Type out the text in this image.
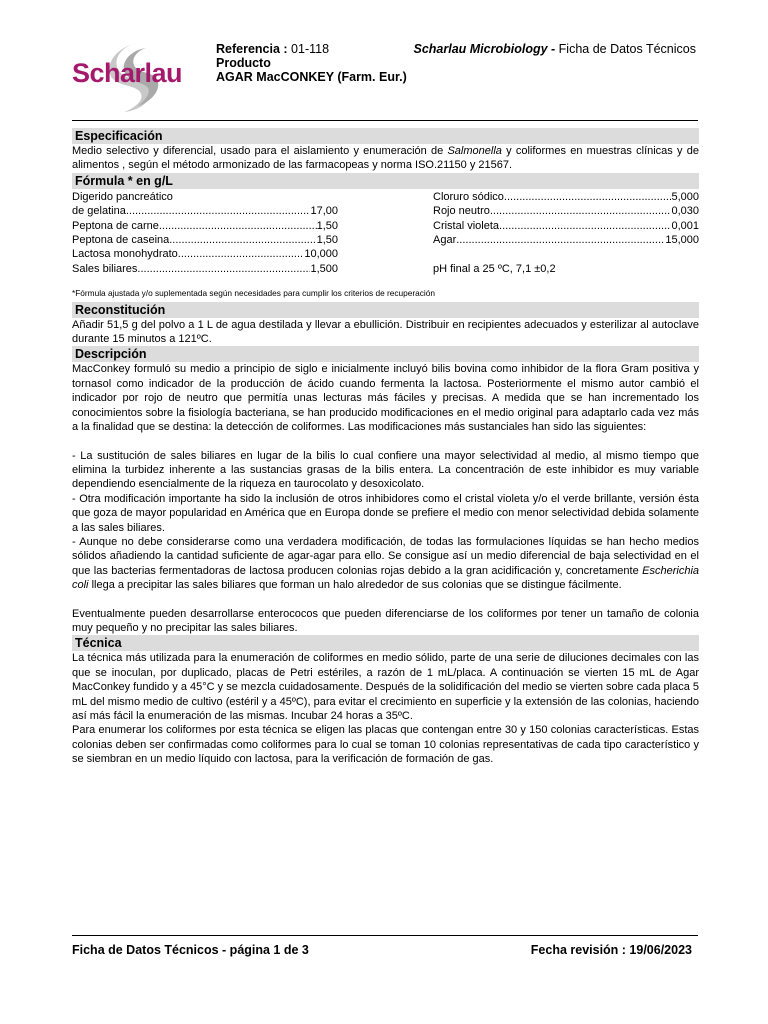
Scharlau
Referencia : 01-118
Producto
AGAR MacCONKEY (Farm. Eur.)
Scharlau Microbiology - Ficha de Datos Técnicos
Especificación
Medio selectivo y diferencial, usado para el aislamiento y enumeración de Salmonella y coliformes en muestras clínicas y de alimentos , según el método armonizado de las farmacopeas y norma ISO.21150 y 21567.
Fórmula * en g/L
Digerido pancreático
de gelatina .....	17,00
Peptona de carne .....	1,50
Peptona de caseina .....	1,50
Lactosa monohydrato .....	10,000
Sales biliares .....	1,500
Cloruro sódico .....	5,000
Rojo neutro .....	0,030
Cristal violeta .....	0,001
Agar .....	15,000
pH final a 25 ºC, 7,1 ±0,2
*Fórmula ajustada y/o suplementada según necesidades para cumplir los criterios de recuperación
Reconstitución
Añadir 51,5 g del polvo a 1 L de agua destilada y llevar a ebullición. Distribuir en recipientes adecuados y esterilizar al autoclave durante 15 minutos a 121ºC.
Descripción
MacConkey formuló su medio a principio de siglo e inicialmente incluyó bilis bovina como inhibidor de la flora Gram positiva y tornasol como indicador de la producción de ácido cuando fermenta la lactosa. Posteriormente el mismo autor cambió el indicador por rojo de neutro que permitía unas lecturas más fáciles y precisas. A medida que se han incrementado los conocimientos sobre la fisiología bacteriana, se han producido modificaciones en el medio original para adaptarlo cada vez más a la finalidad que se destina: la detección de coliformes. Las modificaciones más sustanciales han sido las siguientes:
- La sustitución de sales biliares en lugar de la bilis lo cual confiere una mayor selectividad al medio, al mismo tiempo que elimina la turbidez inherente a las sustancias grasas de la bilis entera. La concentración de este inhibidor es muy variable dependiendo esencialmente de la riqueza en taurocolato y desoxicolato.
- Otra modificación importante ha sido la inclusión de otros inhibidores como el cristal violeta y/o el verde brillante, versión ésta que goza de mayor popularidad en América que en Europa donde se prefiere el medio con menor selectividad debida solamente a las sales biliares.
- Aunque no debe considerarse como una verdadera modificación, de todas las formulaciones líquidas se han hecho medios sólidos añadiendo la cantidad suficiente de agar-agar para ello. Se consigue así un medio diferencial de baja selectividad en el que las bacterias fermentadoras de lactosa producen colonias rojas debido a la gran acidificación y, concretamente Escherichia coli llega a precipitar las sales biliares que forman un halo alrededor de sus colonias que se distingue fácilmente.
Eventualmente pueden desarrollarse enterococos que pueden diferenciarse de los coliformes por tener un tamaño de colonia muy pequeño y no precipitar las sales biliares.
Técnica
La técnica más utilizada para la enumeración de coliformes en medio sólido, parte de una serie de diluciones decimales con las que se inoculan, por duplicado, placas de Petri estériles, a razón de 1 mL/placa. A continuación se vierten 15 mL de Agar MacConkey fundido y a 45°C y se mezcla cuidadosamente. Después de la solidificación del medio se vierten sobre cada placa 5 mL del mismo medio de cultivo (estéril y a 45ºC), para evitar el crecimiento en superficie y la extensión de las colonias, haciendo así más fácil la enumeración de las mismas. Incubar 24 horas a 35ºC.
Para enumerar los coliformes por esta técnica se eligen las placas que contengan entre 30 y 150 colonias características. Estas colonias deben ser confirmadas como coliformes para lo cual se toman 10 colonias representativas de cada tipo característico y se siembran en un medio líquido con lactosa, para la verificación de formación de gas.
Ficha de Datos Técnicos - página 1 de 3	Fecha revisión : 19/06/2023
